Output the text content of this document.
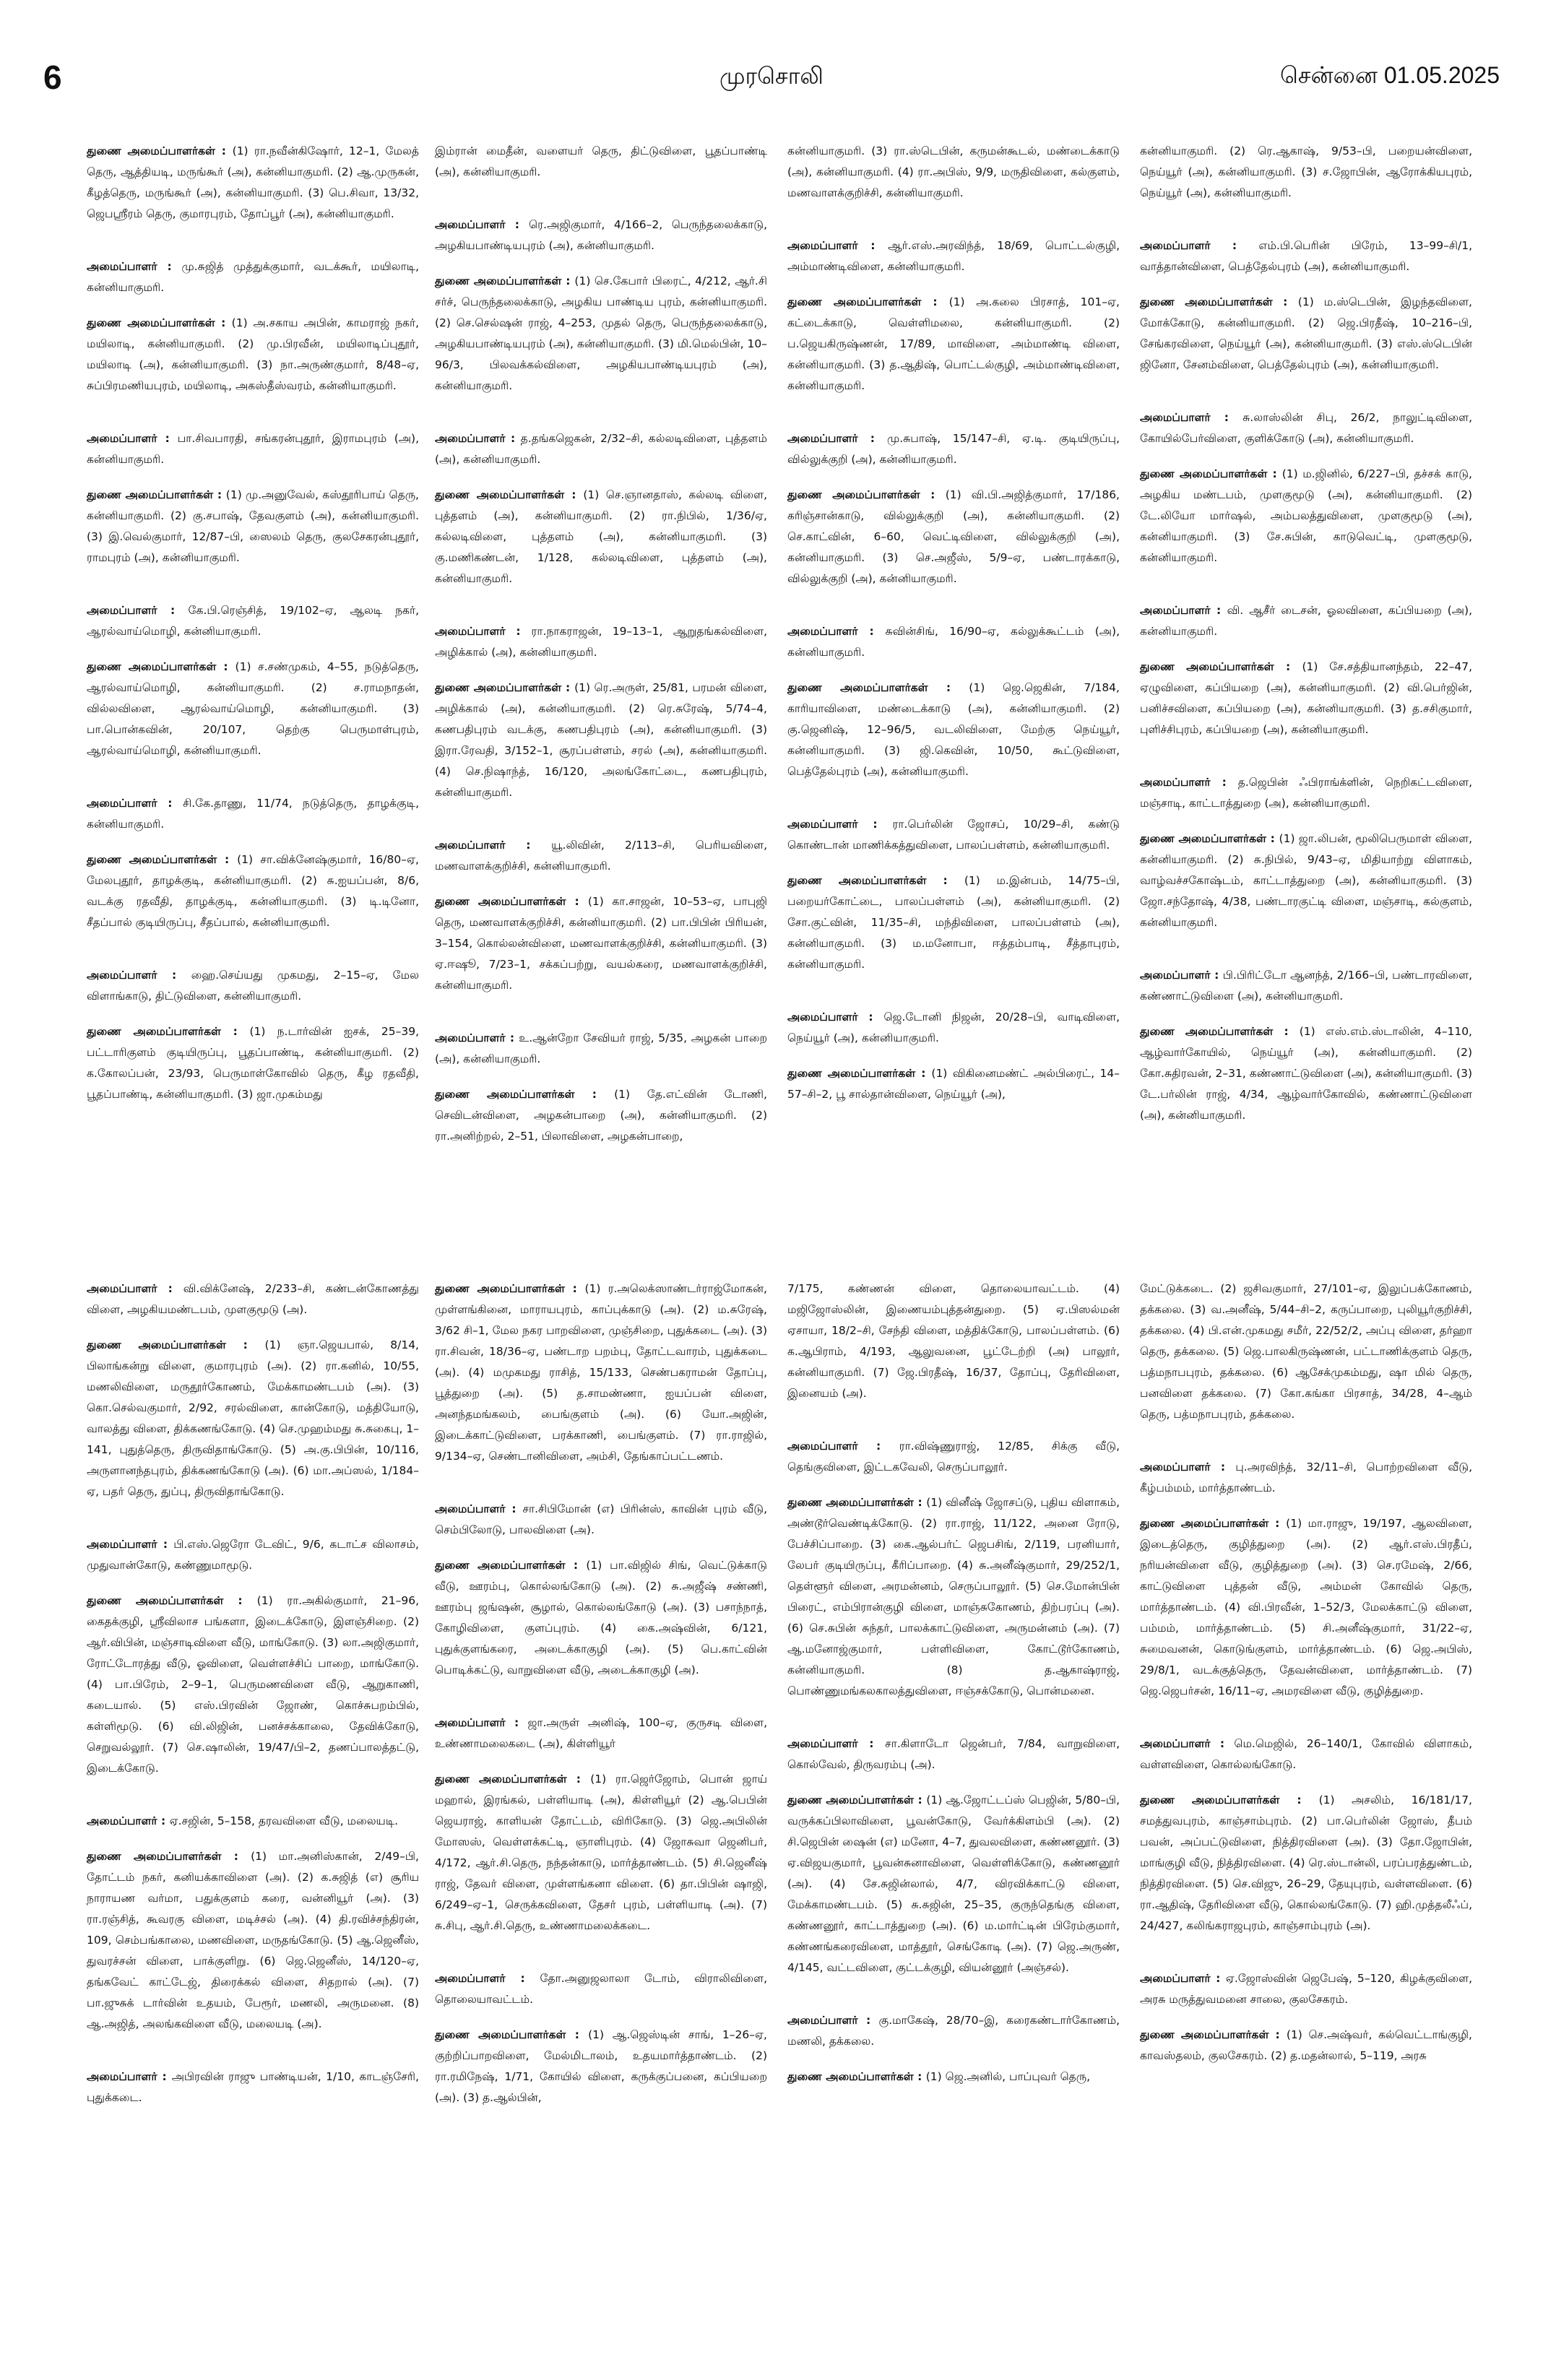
6	முரசொலி	சென்னை 01.05.2025
துணை அமைப்பாளர்கள் : (1) ரா.நவீன்கிஷோர், 12–1, மேலத் தெரு, ஆத்தியடி, மருங்கூர் (அ), கன்னியாகுமரி. (2) ஆ.முருகன், கீழத்தெரு, மருங்கூர் (அ), கன்னியாகுமரி. (3) பெ.சிவா, 13/32, ஜெபஸ்ரீரம் தெரு, குமாரபுரம், தோப்பூர் (அ), கன்னியாகுமரி.
அமைப்பாளர் : மு.சுஜித் முத்துக்குமார், வடக்கூர், மயிலாடி, கன்னியாகுமரி.
துணை அமைப்பாளர்கள் : (1) அ.சகாய அபின், காமராஜ் நகர், மயிலாடி, கன்னியாகுமரி. (2) மு.பிரவீன், மயிலாடிப்புதூர், மயிலாடி (அ), கன்னியாகுமரி. (3) நா.அருண்குமார், 8/48–ஏ, சுப்பிரமணியபுரம், மயிலாடி, அகஸ்தீஸ்வரம், கன்னியாகுமரி.
அமைப்பாளர் : பா.சிவபாரதி, சங்கரன்புதூர், இராமபுரம் (அ), கன்னியாகுமரி.
துணை அமைப்பாளர்கள் : (1) மு.அனுவேல், கஸ்தூரிபாய் தெரு, கன்னியாகுமரி. (2) கு.சபாஷ், தேவகுளம் (அ), கன்னியாகுமரி. (3) இ.வெல்குமார், 12/87–பி, ஸைலம் தெரு, குலசேகரன்புதூர், ராமபுரம் (அ), கன்னியாகுமரி.
அமைப்பாளர் : கே.பி.ரெஞ்சித், 19/102–ஏ, ஆலடி நகர், ஆரல்வாய்மொழி, கன்னியாகுமரி.
துணை அமைப்பாளர்கள் : (1) ச.சண்முகம், 4–55, நடுத்தெரு, ஆரல்வாய்மொழி, கன்னியாகுமரி. (2) ச.ராமநாதன், வில்லவிளை, ஆரல்வாய்மொழி, கன்னியாகுமரி. (3) பா.பொன்கவின், 20/107, தெற்கு பெருமாள்புரம், ஆரல்வாய்மொழி, கன்னியாகுமரி.
அமைப்பாளர் : சி.கே.தாணு, 11/74, நடுத்தெரு, தாழக்குடி, கன்னியாகுமரி.
துணை அமைப்பாளர்கள் : (1) சா.விக்னேஷ்குமார், 16/80–ஏ, மேலபுதூர், தாழக்குடி, கன்னியாகுமரி. (2) சு.ஐயப்பன், 8/6, வடக்கு ரதவீதி, தாழக்குடி, கன்னியாகுமரி. (3) டி.டினோ, சீதப்பால் குடியிருப்பு, சீதப்பால், கன்னியாகுமரி.
அமைப்பாளர் : ஹை.செய்யது முகமது, 2–15–ஏ, மேல விளாங்காடு, திட்டுவிளை, கன்னியாகுமரி.
துணை அமைப்பாளர்கள் : (1) ந.டார்வின் ஐசக், 25–39, பட்டாரிகுளம் குடியிருப்பு, பூதப்பாண்டி, கன்னியாகுமரி. (2) க.கோலப்பன், 23/93, பெருமாள்கோவில் தெரு, கீழ ரதவீதி, பூதப்பாண்டி, கன்னியாகுமரி. (3) ஜா.முகம்மது
அமைப்பாளர் : வி.விக்னேஷ், 2/233–சி, கண்டன்கோணத்து விளை, அழகியமண்டபம், முளகுமூடு (அ).
துணை அமைப்பாளர்கள் : (1) ஞா.ஜெயபால், 8/14, பிலாங்கன்று விளை, குமாரபுரம் (அ). (2) ரா.கனில், 10/55, மணலிவிளை, மருதூர்கோணம், மேக்காமண்டபம் (அ). (3) கொ.செல்வகுமார், 2/92, சரல்விளை, கான்கோடு, மத்தியோடு, வாலத்து விளை, திக்கணங்கோடு. (4) செ.முஹம்மது சு.சுகைபு, 1–141, புதுத்தெரு, திருவிதாங்கோடு. (5) அ.கு.பிபின், 10/116, அருளானந்தபுரம், திக்கணங்கோடு (அ). (6) மா.அப்ஸல், 1/184–ஏ, பதர் தெரு, துப்பு, திருவிதாங்கோடு.
அமைப்பாளர் : பி.எஸ்.ஜெரோ டேவிட், 9/6, கடாட்ச விலாசம், முதுவான்கோடு, கண்ணுமாமூடு.
துணை அமைப்பாளர்கள் : (1) ரா.அகில்குமார், 21–96, கைதக்குழி, ஸ்ரீவிலாச பங்களா, இடைக்கோடு, இளஞ்சிறை. (2) ஆர்.விபின், மஞ்சாடிவிளை வீடு, மாங்கோடு. (3) லா.அஜிகுமார், ரோட்டோரத்து வீடு, ஓவிளை, வெள்ளச்சிப் பாறை, மாங்கோடு. (4) பா.பிரேம், 2–9–1, பெருமணவிளை வீடு, ஆறுகாணி, கடையால். (5) எஸ்.பிரவின் ஜோண், கொச்சுபறம்பில், கள்ளிமூடு. (6) வி.லிஜின், பனச்சக்காலை, தேவிக்கோடு, செறுவல்லூர். (7) செ.ஷாலின், 19/47/பி–2, தணப்பாலத்தட்டு, இடைக்கோடு.
அமைப்பாளர் : ஏ.சஜின், 5–158, தரவவிளை வீடு, மலையடி.
துணை அமைப்பாளர்கள் : (1) மா.அனிஸ்கான், 2/49–பி, தோட்டம் நகர், கனியக்காவிளை (அ). (2) க.சுஜித் (எ) சூரிய நாராயண வர்மா, பதுக்குளம் கரை, வன்னியூர் (அ). (3) ரா.ரஞ்சித், கூவரகு விளை, மடிச்சல் (அ). (4) தி.ரவிச்சந்திரன், 109, செம்பங்காலை, மணவிளை, மருதங்கோடு. (5) ஆ.ஜெனீஸ், துவரச்சன் விளை, பாக்குளிறு. (6) ஜெ.ஜெனீஸ், 14/120–ஏ, தங்கவேட் காட்டேஜ், திரைக்கல் விளை, சிதறால் (அ). (7) பா.ஜுசுக் டார்வின் உதயம், பேரூர், மணலி, அருமனை. (8) ஆ.அஜித், அலங்கவிளை வீடு, மலையடி (அ).
அமைப்பாளர் : அபிரவின் ராஜு பாண்டியன், 1/10, காடஞ்சேரி, புதுக்கடை.
இம்ரான் மைதீன், வளையர் தெரு, திட்டுவிளை, பூதப்பாண்டி (அ), கன்னியாகுமரி.
அமைப்பாளர் : ரெ.அஜிகுமார், 4/166–2, பெருந்தலைக்காடு, அழகியபாண்டியபுரம் (அ), கன்னியாகுமரி.
துணை அமைப்பாளர்கள் : (1) செ.கேபார் பிரைட், 4/212, ஆர்.சி சர்ச், பெருந்தலைக்காடு, அழகிய பாண்டிய புரம், கன்னியாகுமரி. (2) செ.செல்ஷன் ராஜ், 4–253, முதல் தெரு, பெருந்தலைக்காடு, அழகியபாண்டியபுரம் (அ), கன்னியாகுமரி. (3) மி.மெல்பின், 10–96/3, பிலவக்கல்விளை, அழகியபாண்டியபுரம் (அ), கன்னியாகுமரி.
அமைப்பாளர் : த.தங்கஜெகன், 2/32–சி, கல்லடிவிளை, புத்தளம் (அ), கன்னியாகுமரி.
துணை அமைப்பாளர்கள் : (1) செ.ஞானதாஸ், கல்லடி விளை, புத்தளம் (அ), கன்னியாகுமரி. (2) ரா.நிபில், 1/36/ஏ, கல்லடிவிளை, புத்தளம் (அ), கன்னியாகுமரி. (3) கு.மணிகண்டன், 1/128, கல்லடிவிளை, புத்தளம் (அ), கன்னியாகுமரி.
அமைப்பாளர் : ரா.நாகராஜன், 19–13–1, ஆறுதங்கல்விளை, அழிக்கால் (அ), கன்னியாகுமரி.
துணை அமைப்பாளர்கள் : (1) ரெ.அருள், 25/81, பரமன் விளை, அழிக்கால் (அ), கன்னியாகுமரி. (2) ரெ.சுரேஷ், 5/74–4, கணபதிபுரம் வடக்கு, கணபதிபுரம் (அ), கன்னியாகுமரி. (3) இரா.ரேவதி, 3/152–1, சூரப்பள்ளம், சரல் (அ), கன்னியாகுமரி. (4) செ.நிஷாந்த், 16/120, அலங்கோட்டை, கணபதிபுரம், கன்னியாகுமரி.
அமைப்பாளர் : யூ.லிவின், 2/113–சி, பெரியவிளை, மணவாளக்குறிச்சி, கன்னியாகுமரி.
துணை அமைப்பாளர்கள் : (1) கா.சாஜன், 10–53–ஏ, பாபுஜி தெரு, மணவாளக்குறிச்சி, கன்னியாகுமரி. (2) பா.பிபின் பிரியன், 3–154, கொல்லன்விளை, மணவாளக்குறிச்சி, கன்னியாகுமரி. (3) ஏ.ஈஷூ, 7/23–1, சக்கப்பற்று, வயல்கரை, மணவாளக்குறிச்சி, கன்னியாகுமரி.
அமைப்பாளர் : உ.ஆன்றோ சேவியர் ராஜ், 5/35, அழகன் பாறை (அ), கன்னியாகுமரி.
துணை அமைப்பாளர்கள் : (1) தே.எட்வின் டோணி, செவிடன்விளை, அழகன்பாறை (அ), கன்னியாகுமரி. (2) ரா.அனிற்றல், 2–51, பிலாவிளை, அழகன்பாறை,
துணை அமைப்பாளர்கள் : (1) ர.அலெக்ஸாண்டர்ராஜ்மோகன், முள்ளங்கினை, மாராயபுரம், காப்புக்காடு (அ). (2) ம.சுரேஷ், 3/62 சி–1, மேல நகர பாறவிளை, முஞ்சிறை, புதுக்கடை (அ). (3) ரா.சிவன், 18/36–ஏ, பண்டாற பறம்பு, தோட்டவாரம், புதுக்கடை (அ). (4) மமுகமது ராசித், 15/133, செண்பகராமன் தோப்பு, பூத்துறை (அ). (5) த.சாமண்ணா, ஐயப்பன் விளை, அனந்தமங்கலம், பைங்குளம் (அ). (6) யோ.அஜின், இடைக்காட்டுவிளை, பரக்காணி, பைங்குளம். (7) ரா.ராஜில், 9/134–ஏ, செண்டானிவிளை, அம்சி, தேங்காப்பட்டணம்.
அமைப்பாளர் : சா.சிபிமோன் (எ) பிரின்ஸ், காவின் புரம் வீடு, செம்பிலோடு, பாலவிளை (அ).
துணை அமைப்பாளர்கள் : (1) பா.விஜில் சிங், வெட்டுக்காடு வீடு, ஊரம்பு, கொல்லங்கோடு (அ). (2) சு.அஜீஷ் சண்ணி, ஊரம்பு ஜங்ஷன், சூழால், கொல்லங்கோடு (அ). (3) பசாந்நாத், கோழிவிளை, குளப்புரம். (4) கை.அஷ்வின், 6/121, புதுக்குளங்கரை, அடைக்காகுழி (அ). (5) பெ.காட்வின் பொடிக்கட்டு, வாறுவிளை வீடு, அடைக்காகுழி (அ).
அமைப்பாளர் : ஜா.அருள் அனிஷ், 100–ஏ, குருசடி விளை, உண்ணாமலைகடை (அ), கிள்ளியூர்
துணை அமைப்பாளர்கள் : (1) ரா.ஜெர்ஜோம், பொன் ஜாய் மஹால், இரங்கல், பள்ளியாடி (அ), கிள்ளியூர் (2) ஆ.பெபின் ஜெயராஜ், காளியன் தோட்டம், விரிகோடு. (3) ஜெ.அபிலின் மோஸஸ், வெள்ளக்கட்டி, ஞாளிபுரம். (4) ஜோசுவா ஜெனிபர், 4/172, ஆர்.சி.தெரு, நந்தன்காடு, மார்த்தாண்டம். (5) சி.ஜெனீஷ் ராஜ், தேவர் விளை, முள்ளங்கனா விளை. (6) தா.பிபின் ஷாஜி, 6/249–ஏ–1, செருக்கவிளை, தேசர் புரம், பள்ளியாடி (அ). (7) சு.சிபு, ஆர்.சி.தெரு, உண்ணாமலைக்கடை.
அமைப்பாளர் : தோ.அனுஜலாலா டோம், விராலிவிளை, தொலையாவட்டம்.
துணை அமைப்பாளர்கள் : (1) ஆ.ஜெஸ்டின் சாங், 1–26–ஏ, குற்றிப்பாறவிளை, மேல்மிடாலம், உதயமார்த்தாண்டம். (2) ரா.ரமிநேஷ், 1/71, கோயில் விளை, கருக்குப்பனை, கப்பியறை (அ). (3) த.ஆல்பின்,
கன்னியாகுமரி. (3) ரா.ஸ்டெபின், கருமன்கூடல், மண்டைக்காடு (அ), கன்னியாகுமரி. (4) ரா.அபிஸ், 9/9, மருதிவிளை, கல்குளம், மணவாளக்குறிச்சி, கன்னியாகுமரி.
அமைப்பாளர் : ஆர்.எஸ்.அரவிந்த், 18/69, பொட்டல்குழி, அம்மாண்டிவிளை, கன்னியாகுமரி.
துணை அமைப்பாளர்கள் : (1) அ.கலை பிரசாத், 101–ஏ, கட்டைக்காடு, வெள்ளிமலை, கன்னியாகுமரி. (2) ப.ஜெயகிருஷ்ணன், 17/89, மாவிளை, அம்மாண்டி விளை, கன்னியாகுமரி. (3) த.ஆதிஷ், பொட்டல்குழி, அம்மாண்டிவிளை, கன்னியாகுமரி.
அமைப்பாளர் : மு.சுபாஷ், 15/147–சி, ஏ.டி. குடியிருப்பு, வில்லுக்குறி (அ), கன்னியாகுமரி.
துணை அமைப்பாளர்கள் : (1) வி.பி.அஜித்குமார், 17/186, கரிஞ்சான்காடு, வில்லுக்குறி (அ), கன்னியாகுமரி. (2) செ.காட்வின், 6–60, வெட்டிவிளை, வில்லுக்குறி (அ), கன்னியாகுமரி. (3) செ.அஜீஸ், 5/9–ஏ, பண்டாரக்காடு, வில்லுக்குறி (அ), கன்னியாகுமரி.
அமைப்பாளர் : சுவின்சிங், 16/90–ஏ, கல்லுக்கூட்டம் (அ), கன்னியாகுமரி.
துணை அமைப்பாளர்கள் : (1) ஜெ.ஜெகின், 7/184, காரியாவிளை, மண்டைக்காடு (அ), கன்னியாகுமரி. (2) கு.ஜெனிஷ், 12–96/5, வடலிவிளை, மேற்கு நெய்யூர், கன்னியாகுமரி. (3) ஜி.கெவின், 10/50, கூட்டுவிளை, பெத்தேல்புரம் (அ), கன்னியாகுமரி.
அமைப்பாளர் : ரா.பெர்லின் ஜோசப், 10/29–சி, கண்டு கொண்டான் மாணிக்கத்துவிளை, பாலப்பள்ளம், கன்னியாகுமரி.
துணை அமைப்பாளர்கள் : (1) ம.இன்பம், 14/75–பி, பறையர்கோட்டை, பாலப்பள்ளம் (அ), கன்னியாகுமரி. (2) சோ.குட்வின், 11/35–சி, மந்திவிளை, பாலப்பள்ளம் (அ), கன்னியாகுமரி. (3) ம.மனோபா, ஈத்தம்பாடி, சீத்தாபுரம், கன்னியாகுமரி.
அமைப்பாளர் : ஜெ.டோனி நிஜன், 20/28–பி, வாடிவிளை, நெய்யூர் (அ), கன்னியாகுமரி.
துணை அமைப்பாளர்கள் : (1) விகினைமண்ட் அல்பிரைட், 14–57–சி–2, பூ சால்தான்விளை, நெய்யூர் (அ),
7/175, கண்ணன் விளை, தொலையாவட்டம். (4) மஜிஜோஸ்லின், இணையம்புத்தன்துறை. (5) ஏ.பிஸல்மன் ஏசாயா, 18/2–சி, சேந்தி விளை, மத்திக்கோடு, பாலப்பள்ளம். (6) க.ஆபிராம், 4/193, ஆலுவனை, பூட்டேற்றி (அ) பாலூர், கன்னியாகுமரி. (7) ஜே.பிரதீஷ், 16/37, தோப்பு, தேரிவிளை, இனையம் (அ).
அமைப்பாளர் : ரா.விஷ்ணுராஜ், 12/85, சிக்கு வீடு, தெங்குவிளை, இட்டகவேலி, செருப்பாலூர்.
துணை அமைப்பாளர்கள் : (1) வினீஷ் ஜோசப்டு, புதிய விளாகம், அண்டூர்வெண்டிக்கோடு. (2) ரா.ராஜ், 11/122, அனை ரோடு, பேச்சிப்பாறை. (3) கை.ஆல்பர்ட் ஜெபசிங், 2/119, பரனியார், லேபர் குடியிருப்பு, கீரிப்பாறை. (4) சு.அனீஷ்குமார், 29/252/1, தெள்ளூர் விளை, அரமன்னம், செருப்பாலூர். (5) செ.மோன்பின் பிரைட், எம்பிரான்குழி விளை, மாஞ்சுகோணம், திற்பரப்பு (அ). (6) செ.சுபின் சுந்தர், பாலக்காட்டுவிளை, அருமன்னம் (அ). (7) ஆ.மனோஜ்குமார், பள்ளிவிளை, கோட்டூர்கோணம், கன்னியாகுமரி. (8) த.ஆகாஷ்ராஜ், பொண்ணுமங்கலகாலத்துவிளை, ஈஞ்சக்கோடு, பொன்மனை.
அமைப்பாளர் : சா.கிளாடோ ஜென்பர், 7/84, வாறுவிளை, கொல்வேல், திருவரம்பு (அ).
துணை அமைப்பாளர்கள் : (1) ஆ.ஜோட்டப்ஸ் பெஜின், 5/80–பி, வருக்கப்பிலாவிளை, பூவன்கோடு, வேர்க்கிளம்பி (அ). (2) சி.ஜெபின் ஷைன் (எ) மனோ, 4–7, துவலவிளை, கண்ணனூர். (3) ஏ.விஜயகுமார், பூவன்சுனாவிளை, வெள்ளிக்கோடு, கண்ணனூர் (அ). (4) சே.சுஜின்லால், 4/7, விரவிக்காட்டு விளை, மேக்காமண்டபம். (5) சு.சுஜின், 25–35, குருந்தெங்கு விளை, கண்ணனூர், காட்டாத்துறை (அ). (6) ம.மார்ட்டின் பிரேம்குமார், கண்ணங்கரைவிளை, மாத்தூர், செங்கோடி (அ). (7) ஜெ.அருண், 4/145, வட்டவிளை, குட்டக்குழி, வியன்னூர் (அஞ்சல்).
அமைப்பாளர் : கு.மாகேஷ், 28/70–இ, கரைகண்டார்கோணம், மணலி, தக்கலை.
துணை அமைப்பாளர்கள் : (1) ஜெ.அனில், பாப்புவர் தெரு,
கன்னியாகுமரி. (2) ரெ.ஆகாஷ், 9/53–பி, பறையன்விளை, நெய்யூர் (அ), கன்னியாகுமரி. (3) ச.ஜோபின், ஆரோக்கியபுரம், நெய்யூர் (அ), கன்னியாகுமரி.
அமைப்பாளர் : எம்.பி.பெரின் பிரேம், 13–99–சி/1, வாத்தான்விளை, பெத்தேல்புரம் (அ), கன்னியாகுமரி.
துணை அமைப்பாளர்கள் : (1) ம.ஸ்டெபின், இழந்தவிளை, மோக்கோடு, கன்னியாகுமரி. (2) ஜெ.பிரதீஷ், 10–216–பி, சேங்கரவிளை, நெய்யூர் (அ), கன்னியாகுமரி. (3) எஸ்.ஸ்டெபின் ஜினோ, சேனம்விளை, பெத்தேல்புரம் (அ), கன்னியாகுமரி.
அமைப்பாளர் : சு.லாஸ்லின் சிபு, 26/2, நாலுட்டிவிளை, கோயில்பேர்விளை, குளிக்கோடு (அ), கன்னியாகுமரி.
துணை அமைப்பாளர்கள் : (1) ம.ஜினில், 6/227–பி, தச்சக் காடு, அழகிய மண்டபம், முளகுமூடு (அ), கன்னியாகுமரி. (2) டே.லியோ மார்ஷல், அம்பலத்துவிளை, முளகுமூடு (அ), கன்னியாகுமரி. (3) சே.சுபின், காடுவெட்டி, முளகுமூடு, கன்னியாகுமரி.
அமைப்பாளர் : வி. ஆசீர் டைசன், ஓலவிளை, கப்பியறை (அ), கன்னியாகுமரி.
துணை அமைப்பாளர்கள் : (1) சே.சத்தியானந்தம், 22–47, ஏழுவிளை, கப்பியறை (அ), கன்னியாகுமரி. (2) வி.பெர்ஜின், பனிச்சவிளை, கப்பியறை (அ), கன்னியாகுமரி. (3) த.சசிகுமார், புளிச்சிபுரம், கப்பியறை (அ), கன்னியாகுமரி.
அமைப்பாளர் : த.ஜெபின் ஃபிராங்க்ளின், நெறிகட்டவிளை, மஞ்சாடி, காட்டாத்துறை (அ), கன்னியாகுமரி.
துணை அமைப்பாளர்கள் : (1) ஜா.லிபன், மூலிபெருமாள் விளை, கன்னியாகுமரி. (2) சு.நிபில், 9/43–ஏ, மிதியாற்று விளாகம், வாழ்வச்சகோஷ்டம், காட்டாத்துறை (அ), கன்னியாகுமரி. (3) ஜோ.சந்தோஷ், 4/38, பண்டாரகுட்டி விளை, மஞ்சாடி, கல்குளம், கன்னியாகுமரி.
அமைப்பாளர் : பி.பிரிட்டோ ஆனந்த், 2/166–பி, பண்டாரவிளை, கண்ணாட்டுவிளை (அ), கன்னியாகுமரி.
துணை அமைப்பாளர்கள் : (1) எஸ்.எம்.ஸ்டாலின், 4–110, ஆழ்வார்கோயில், நெய்யூர் (அ), கன்னியாகுமரி. (2) கோ.சுதிரவன், 2–31, கண்ணாட்டுவிளை (அ), கன்னியாகுமரி. (3) டே.பர்லின் ராஜ், 4/34, ஆழ்வார்கோவில், கண்ணாட்டுவிளை (அ), கன்னியாகுமரி.
மேட்டுக்கடை. (2) ஜசிவகுமார், 27/101–ஏ, இலுப்பக்கோணம், தக்கலை. (3) வ.அனீஷ், 5/44–சி–2, கருப்பாறை, புலியூர்குறிச்சி, தக்கலை. (4) பி.என்.முகமது சமீர், 22/52/2, அப்பு விளை, தர்ஹா தெரு, தக்கலை. (5) ஜெ.பாலகிருஷ்ணன், பட்டாணிக்குளம் தெரு, பத்மநாபபுரம், தக்கலை. (6) ஆசேக்முகம்மது, ஷா மில் தெரு, பனவிளை தக்கலை. (7) கோ.கங்கா பிரசாத், 34/28, 4–ஆம் தெரு, பத்மநாபபுரம், தக்கலை.
அமைப்பாளர் : பு.அரவிந்த், 32/11–சி, பொற்றவிளை வீடு, கீழ்பம்மம், மார்த்தாண்டம்.
துணை அமைப்பாளர்கள் : (1) மா.ராஜு, 19/197, ஆலவிளை, இடைத்தெரு, குழித்துறை (அ). (2) ஆர்.எஸ்.பிரதீப், நரியன்விளை வீடு, குழித்துறை (அ). (3) செ.ரமேஷ், 2/66, காட்டுவிளை புத்தன் வீடு, அம்மன் கோவில் தெரு, மார்த்தாண்டம். (4) வி.பிரவீன், 1–52/3, மேலக்காட்டு விளை, பம்மம், மார்த்தாண்டம். (5) சி.அனீஷ்குமார், 31/22–ஏ, சுமைவனன், கொடுங்குளம், மார்த்தாண்டம். (6) ஜெ.அபிஸ், 29/8/1, வடக்குத்தெரு, தேவன்விளை, மார்த்தாண்டம். (7) ஜெ.ஜெபர்சன், 16/11–ஏ, அமரவிளை வீடு, குழித்துறை.
அமைப்பாளர் : மெ.மெஜில், 26–140/1, கோவில் விளாகம், வள்ளவிளை, கொல்லங்கோடு.
துணை அமைப்பாளர்கள் : (1) அசலிம், 16/181/17, சமத்துவபுரம், காஞ்சாம்புரம். (2) பா.பெர்லின் ஜோஸ், தீபம் பவன், அப்பட்டுவிளை, நித்திரவிளை (அ). (3) தோ.ஜோபின், மாங்குழி வீடு, நித்திரவிளை. (4) ரெ.ஸ்டான்லி, பரப்பரத்துண்டம், நித்திரவிளை. (5) செ.விஜு, 26–29, தேயுபுரம், வள்ளவிளை. (6) ரா.ஆதிஷ், தேரிவிளை வீடு, கொல்லங்கோடு. (7) ஹி.முத்தலீஃப், 24/427, கலிங்கராஜபுரம், காஞ்சாம்புரம் (அ).
அமைப்பாளர் : ஏ.ஜோஸ்வின் ஜெபேஷ், 5–120, கிழக்குவிளை, அரசு மருத்துவமனை சாலை, குலசேகரம்.
துணை அமைப்பாளர்கள் : (1) செ.அஷ்வர், கல்வெட்டாங்குழி, காவஸ்தலம், குலசேகரம். (2) த.மதன்லால், 5–119, அரசு
